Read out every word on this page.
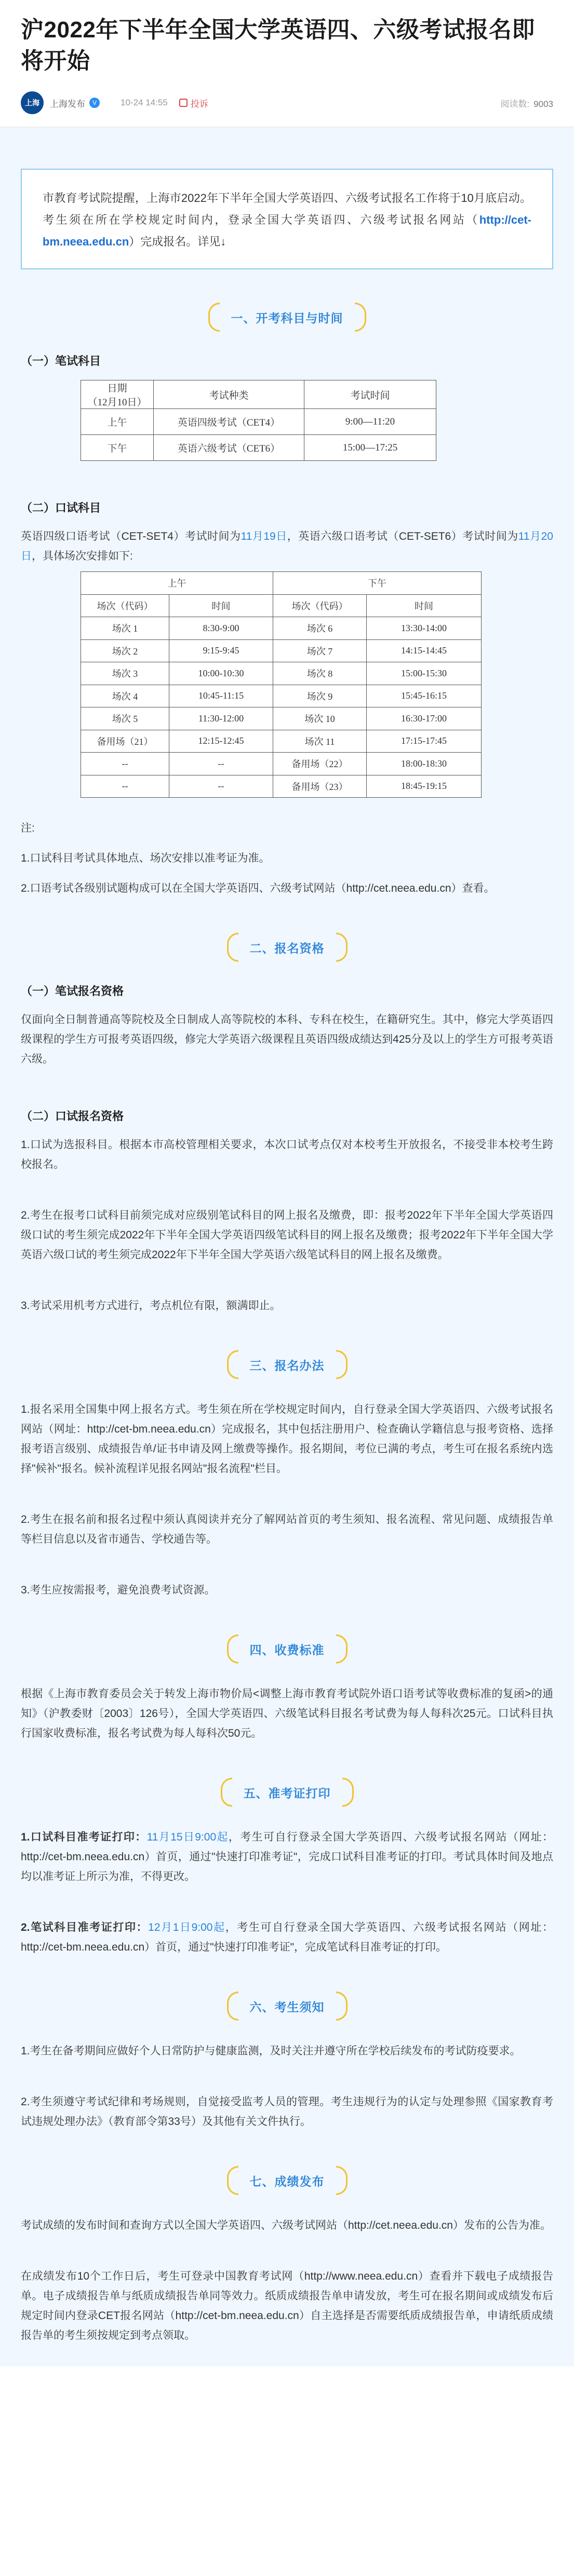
沪2022年下半年全国大学英语四、六级考试报名即将开始
上海 上海发布	V	10-24 14:55	投诉	阅读数: 9003
市教育考试院提醒，上海市2022年下半年全国大学英语四、六级考试报名工作将于10月底启动。考生须在所在学校规定时间内，登录全国大学英语四、六级考试报名网站（http://cet-bm.neea.edu.cn）完成报名。详见↓
一、开考科目与时间
（一）笔试科目
日期
（12月10日）	考试种类	考试时间
上午	英语四级考试（CET4）	9:00—11:20
下午	英语六级考试（CET6）	15:00—17:25
（二）口试科目
英语四级口语考试（CET-SET4）考试时间为11月19日，英语六级口语考试（CET-SET6）考试时间为11月20日，具体场次安排如下:
上午		下午	
场次（代码）	时间	场次（代码）	时间
场次 1	8:30-9:00	场次 6	13:30-14:00
场次 2	9:15-9:45	场次 7	14:15-14:45
场次 3	10:00-10:30	场次 8	15:00-15:30
场次 4	10:45-11:15	场次 9	15:45-16:15
场次 5	11:30-12:00	场次 10	16:30-17:00
备用场（21）	12:15-12:45	场次 11	17:15-17:45
--	--	备用场（22）	18:00-18:30
--	--	备用场（23）	18:45-19:15
注:
1.口试科目考试具体地点、场次安排以准考证为准。
2.口语考试各级别试题构成可以在全国大学英语四、六级考试网站（http://cet.neea.edu.cn）查看。
二、报名资格
（一）笔试报名资格
仅面向全日制普通高等院校及全日制成人高等院校的本科、专科在校生，在籍研究生。其中，修完大学英语四级课程的学生方可报考英语四级，修完大学英语六级课程且英语四级成绩达到425分及以上的学生方可报考英语六级。
（二）口试报名资格
1.口试为选报科目。根据本市高校管理相关要求，本次口试考点仅对本校考生开放报名，不接受非本校考生跨校报名。
2.考生在报考口试科目前须完成对应级别笔试科目的网上报名及缴费，即：报考2022年下半年全国大学英语四级口试的考生须完成2022年下半年全国大学英语四级笔试科目的网上报名及缴费；报考2022年下半年全国大学英语六级口试的考生须完成2022年下半年全国大学英语六级笔试科目的网上报名及缴费。
3.考试采用机考方式进行，考点机位有限，额满即止。
三、报名办法
1.报名采用全国集中网上报名方式。考生须在所在学校规定时间内，自行登录全国大学英语四、六级考试报名网站（网址：http://cet-bm.neea.edu.cn）完成报名，其中包括注册用户、检查确认学籍信息与报考资格、选择报考语言级别、成绩报告单/证书申请及网上缴费等操作。报名期间，考位已满的考点，考生可在报名系统内选择"候补"报名。候补流程详见报名网站"报名流程"栏目。
2.考生在报名前和报名过程中须认真阅读并充分了解网站首页的考生须知、报名流程、常见问题、成绩报告单等栏目信息以及省市通告、学校通告等。
3.考生应按需报考，避免浪费考试资源。
四、收费标准
根据《上海市教育委员会关于转发上海市物价局<调整上海市教育考试院外语口语考试等收费标准的复函>的通知》（沪教委财〔2003〕126号），全国大学英语四、六级笔试科目报名考试费为每人每科次25元。口试科目执行国家收费标准，报名考试费为每人每科次50元。
五、准考证打印
1.口试科目准考证打印：11月15日9:00起，考生可自行登录全国大学英语四、六级考试报名网站（网址：http://cet-bm.neea.edu.cn）首页，通过"快速打印准考证"，完成口试科目准考证的打印。考试具体时间及地点均以准考证上所示为准，不得更改。
2.笔试科目准考证打印：12月1日9:00起，考生可自行登录全国大学英语四、六级考试报名网站（网址：http://cet-bm.neea.edu.cn）首页，通过"快速打印准考证"，完成笔试科目准考证的打印。
六、考生须知
1.考生在备考期间应做好个人日常防护与健康监测，及时关注并遵守所在学校后续发布的考试防疫要求。
2.考生须遵守考试纪律和考场规则，自觉接受监考人员的管理。考生违规行为的认定与处理参照《国家教育考试违规处理办法》（教育部令第33号）及其他有关文件执行。
七、成绩发布
考试成绩的发布时间和查询方式以全国大学英语四、六级考试网站（http://cet.neea.edu.cn）发布的公告为准。
在成绩发布10个工作日后，考生可登录中国教育考试网（http://www.neea.edu.cn）查看并下载电子成绩报告单。电子成绩报告单与纸质成绩报告单同等效力。纸质成绩报告单申请发放，考生可在报名期间或成绩发布后规定时间内登录CET报名网站（http://cet-bm.neea.edu.cn）自主选择是否需要纸质成绩报告单，申请纸质成绩报告单的考生须按规定到考点领取。
